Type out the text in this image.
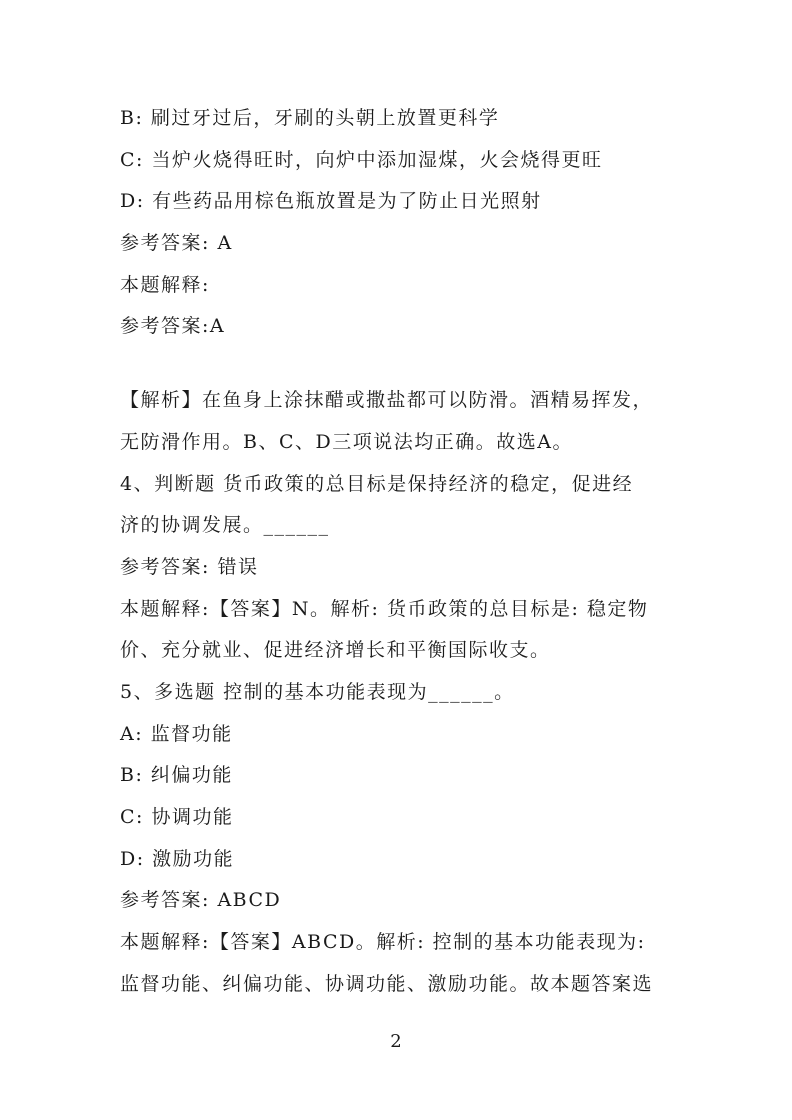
B: 刷过牙过后，牙刷的头朝上放置更科学
C: 当炉火烧得旺时，向炉中添加湿煤，火会烧得更旺
D: 有些药品用棕色瓶放置是为了防止日光照射
参考答案: A
本题解释:
参考答案:A
【解析】在鱼身上涂抹醋或撒盐都可以防滑。酒精易挥发，
无防滑作用。B、C、D三项说法均正确。故选A。
4、判断题 货币政策的总目标是保持经济的稳定，促进经
济的协调发展。______
参考答案: 错误
本题解释:【答案】N。解析: 货币政策的总目标是: 稳定物
价、充分就业、促进经济增长和平衡国际收支。
5、多选题 控制的基本功能表现为______。
A: 监督功能
B: 纠偏功能
C: 协调功能
D: 激励功能
参考答案: ABCD
本题解释:【答案】ABCD。解析: 控制的基本功能表现为:
监督功能、纠偏功能、协调功能、激励功能。故本题答案选
2
